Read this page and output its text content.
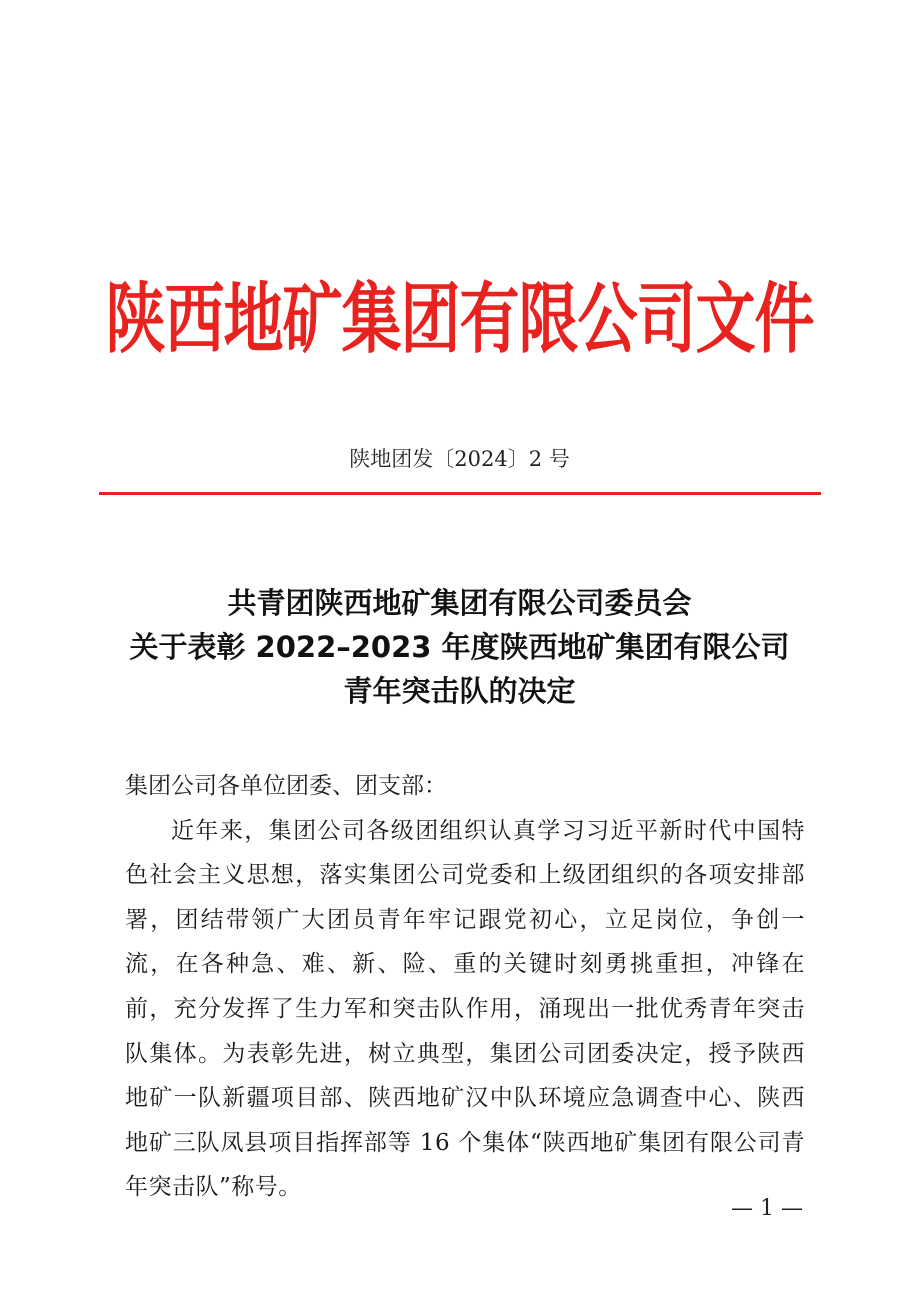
陕西地矿集团有限公司文件
陕地团发〔2024〕2 号
共青团陕西地矿集团有限公司委员会
关于表彰 2022–2023 年度陕西地矿集团有限公司
青年突击队的决定
集团公司各单位团委、团支部：
近年来，集团公司各级团组织认真学习习近平新时代中国特色社会主义思想，落实集团公司党委和上级团组织的各项安排部署，团结带领广大团员青年牢记跟党初心，立足岗位，争创一流，在各种急、难、新、险、重的关键时刻勇挑重担，冲锋在前，充分发挥了生力军和突击队作用，涌现出一批优秀青年突击队集体。为表彰先进，树立典型，集团公司团委决定，授予陕西地矿一队新疆项目部、陕西地矿汉中队环境应急调查中心、陕西地矿三队凤县项目指挥部等 16 个集体“陕西地矿集团有限公司青年突击队”称号。
— 1 —
